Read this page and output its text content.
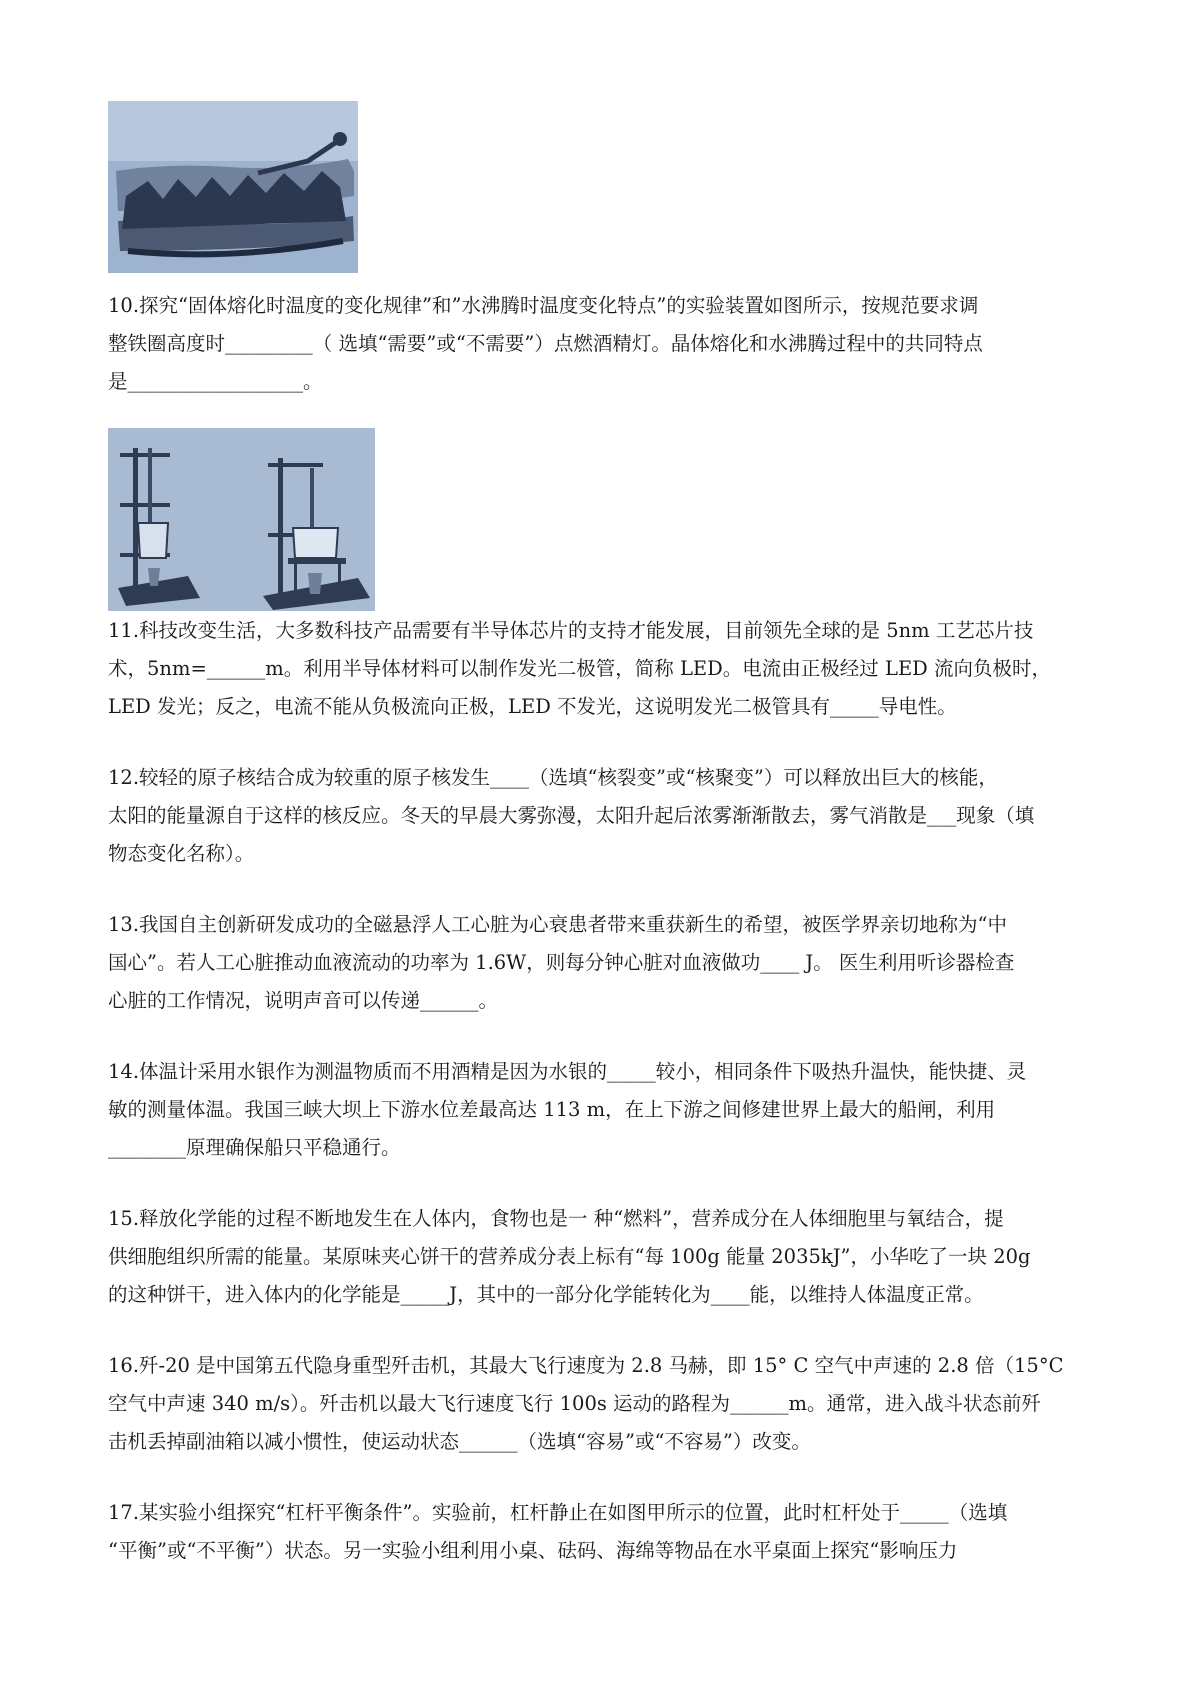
10.探究“固体熔化时温度的变化规律”和”水沸腾时温度变化特点”的实验装置如图所示，按规范要求调
整铁圈高度时_________（ 选填“需要”或“不需要”）点燃酒精灯。晶体熔化和水沸腾过程中的共同特点
是__________________。
11.科技改变生活，大多数科技产品需要有半导体芯片的支持才能发展，目前领先全球的是 5nm 工艺芯片技
术，5nm=______m。利用半导体材料可以制作发光二极管，简称 LED。电流由正极经过 LED 流向负极时，
LED 发光；反之，电流不能从负极流向正极，LED 不发光，这说明发光二极管具有_____导电性。
12.较轻的原子核结合成为较重的原子核发生____（选填“核裂变”或“核聚变”）可以释放出巨大的核能，
太阳的能量源自于这样的核反应。冬天的早晨大雾弥漫，太阳升起后浓雾渐渐散去，雾气消散是___现象（填
物态变化名称）。
13.我国自主创新研发成功的全磁悬浮人工心脏为心衰患者带来重获新生的希望，被医学界亲切地称为“中
国心”。若人工心脏推动血液流动的功率为 1.6W，则每分钟心脏对血液做功____ J。 医生利用听诊器检查
心脏的工作情况，说明声音可以传递______。
14.体温计采用水银作为测温物质而不用酒精是因为水银的_____较小，相同条件下吸热升温快，能快捷、灵
敏的测量体温。我国三峡大坝上下游水位差最高达 113 m，在上下游之间修建世界上最大的船闸，利用
________原理确保船只平稳通行。
15.释放化学能的过程不断地发生在人体内，食物也是一 种“燃料”，营养成分在人体细胞里与氧结合，提
供细胞组织所需的能量。某原味夹心饼干的营养成分表上标有“每 100g 能量 2035kJ”，小华吃了一块 20g
的这种饼干，进入体内的化学能是_____J，其中的一部分化学能转化为____能，以维持人体温度正常。
16.歼-20 是中国第五代隐身重型歼击机，其最大飞行速度为 2.8 马赫，即 15° C 空气中声速的 2.8 倍（15°C
空气中声速 340 m/s）。歼击机以最大飞行速度飞行 100s 运动的路程为______m。通常，进入战斗状态前歼
击机丢掉副油箱以减小惯性，使运动状态______（选填“容易”或“不容易”）改变。
17.某实验小组探究“杠杆平衡条件”。实验前，杠杆静止在如图甲所示的位置，此时杠杆处于_____（选填
“平衡”或“不平衡”）状态。另一实验小组利用小桌、砝码、海绵等物品在水平桌面上探究“影响压力
